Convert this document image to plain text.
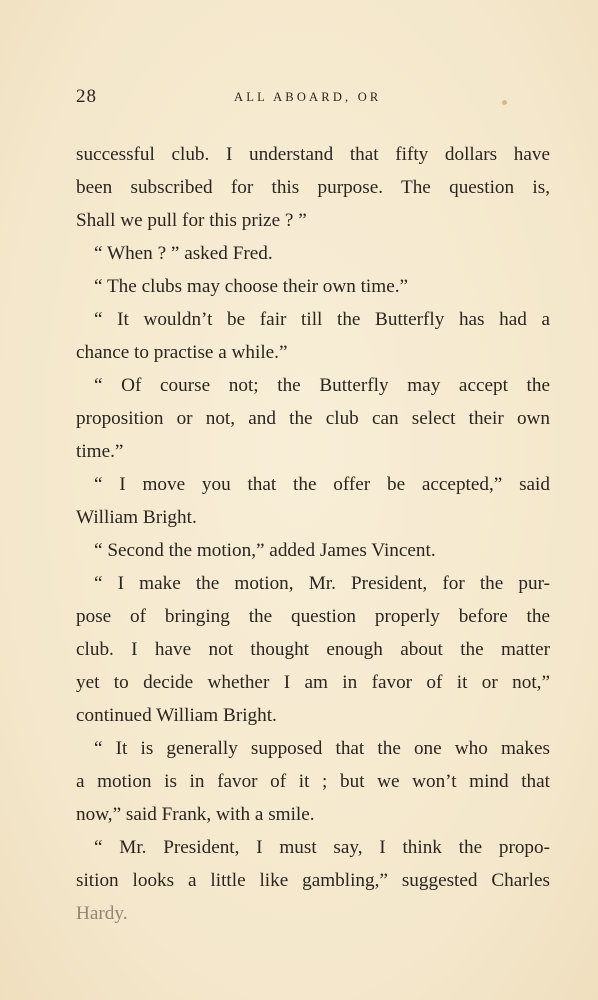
28	ALL ABOARD, OR
successful club. I understand that fifty dollars have
been subscribed for this purpose. The question is,
Shall we pull for this prize ? ”
“ When ? ” asked Fred.
“ The clubs may choose their own time.”
“ It wouldn’t be fair till the Butterfly has had a
chance to practise a while.”
“ Of course not; the Butterfly may accept the
proposition or not, and the club can select their own
time.”
“ I move you that the offer be accepted,” said
William Bright.
“ Second the motion,” added James Vincent.
“ I make the motion, Mr. President, for the pur-
pose of bringing the question properly before the
club. I have not thought enough about the matter
yet to decide whether I am in favor of it or not,”
continued William Bright.
“ It is generally supposed that the one who makes
a motion is in favor of it ; but we won’t mind that
now,” said Frank, with a smile.
“ Mr. President, I must say, I think the propo-
sition looks a little like gambling,” suggested Charles
Hardy.
